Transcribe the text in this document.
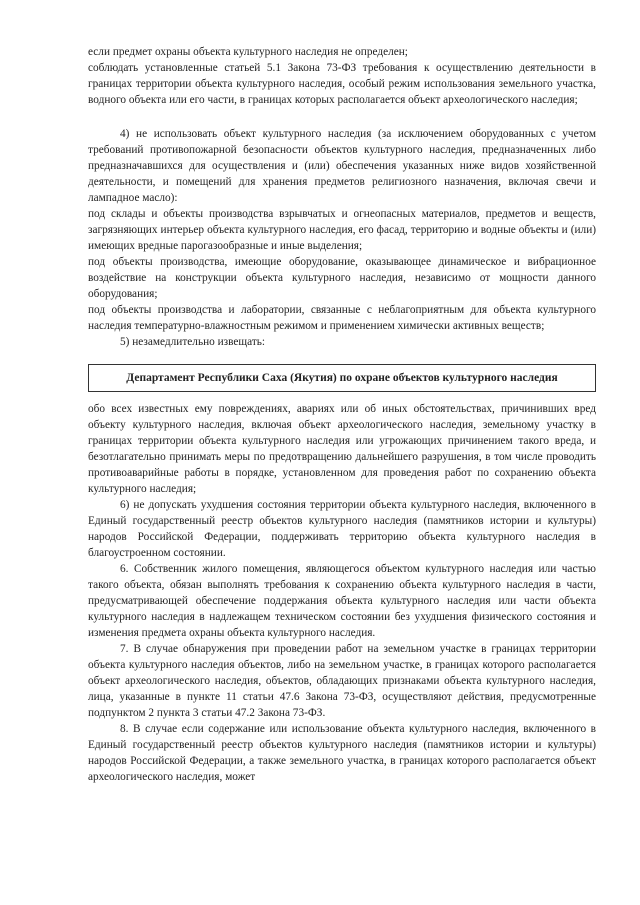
если предмет охраны объекта культурного наследия не определен;

соблюдать установленные статьей 5.1 Закона 73-ФЗ требования к осуществлению деятельности в границах территории объекта культурного наследия, особый режим использования земельного участка, водного объекта или его части, в границах которых располагается объект археологического наследия;

4) не использовать объект культурного наследия (за исключением оборудованных с учетом требований противопожарной безопасности объектов культурного наследия, предназначенных либо предназначавшихся для осуществления и (или) обеспечения указанных ниже видов хозяйственной деятельности, и помещений для хранения предметов религиозного назначения, включая свечи и лампадное масло):

под склады и объекты производства взрывчатых и огнеопасных материалов, предметов и веществ, загрязняющих интерьер объекта культурного наследия, его фасад, территорию и водные объекты и (или) имеющих вредные парогазообразные и иные выделения;

под объекты производства, имеющие оборудование, оказывающее динамическое и вибрационное воздействие на конструкции объекта культурного наследия, независимо от мощности данного оборудования;

под объекты производства и лаборатории, связанные с неблагоприятным для объекта культурного наследия температурно-влажностным режимом и применением химически активных веществ;

5) незамедлительно извещать:

Департамент Республики Саха (Якутия) по охране объектов культурного наследия

обо всех известных ему повреждениях, авариях или об иных обстоятельствах, причинивших вред объекту культурного наследия, включая объект археологического наследия, земельному участку в границах территории объекта культурного наследия или угрожающих причинением такого вреда, и безотлагательно принимать меры по предотвращению дальнейшего разрушения, в том числе проводить противоаварийные работы в порядке, установленном для проведения работ по сохранению объекта культурного наследия;

6) не допускать ухудшения состояния территории объекта культурного наследия, включенного в Единый государственный реестр объектов культурного наследия (памятников истории и культуры) народов Российской Федерации, поддерживать территорию объекта культурного наследия в благоустроенном состоянии.

6. Собственник жилого помещения, являющегося объектом культурного наследия или частью такого объекта, обязан выполнять требования к сохранению объекта культурного наследия в части, предусматривающей обеспечение поддержания объекта культурного наследия или части объекта культурного наследия в надлежащем техническом состоянии без ухудшения физического состояния и изменения предмета охраны объекта культурного наследия.

7. В случае обнаружения при проведении работ на земельном участке в границах территории объекта культурного наследия объектов, либо на земельном участке, в границах которого располагается объект археологического наследия, объектов, обладающих признаками объекта культурного наследия, лица, указанные в пункте 11 статьи 47.6 Закона 73-ФЗ, осуществляют действия, предусмотренные подпунктом 2 пункта 3 статьи 47.2 Закона 73-ФЗ.

8. В случае если содержание или использование объекта культурного наследия, включенного в Единый государственный реестр объектов культурного наследия (памятников истории и культуры) народов Российской Федерации, а также земельного участка, в границах которого располагается объект археологического наследия, может
